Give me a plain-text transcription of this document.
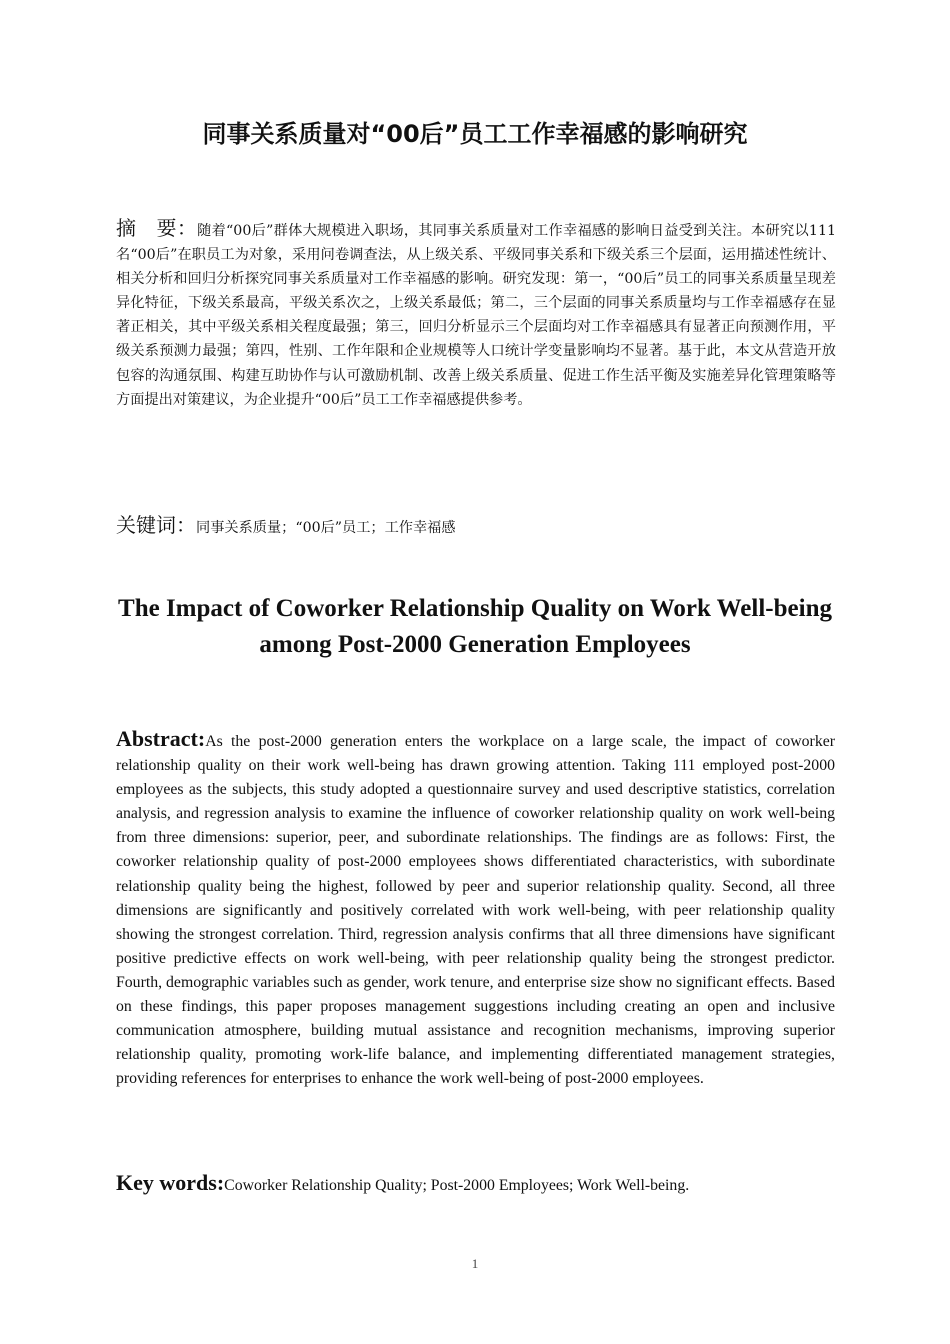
同事关系质量对“00后”员工工作幸福感的影响研究

摘　要：随着“00后”群体大规模进入职场，其同事关系质量对工作幸福感的影响日益受到关注。本研究以111名“00后”在职员工为对象，采用问卷调查法，从上级关系、平级同事关系和下级关系三个层面，运用描述性统计、相关分析和回归分析探究同事关系质量对工作幸福感的影响。研究发现：第一，“00后”员工的同事关系质量呈现差异化特征，下级关系最高，平级关系次之，上级关系最低；第二，三个层面的同事关系质量均与工作幸福感存在显著正相关，其中平级关系相关程度最强；第三，回归分析显示三个层面均对工作幸福感具有显著正向预测作用，平级关系预测力最强；第四，性别、工作年限和企业规模等人口统计学变量影响均不显著。基于此，本文从营造开放包容的沟通氛围、构建互助协作与认可激励机制、改善上级关系质量、促进工作生活平衡及实施差异化管理策略等方面提出对策建议，为企业提升“00后”员工工作幸福感提供参考。

关键词：同事关系质量；“00后”员工；工作幸福感

The Impact of Coworker Relationship Quality on Work Well-being among Post-2000 Generation Employees

Abstract:As the post-2000 generation enters the workplace on a large scale, the impact of coworker relationship quality on their work well-being has drawn growing attention. Taking 111 employed post-2000 employees as the subjects, this study adopted a questionnaire survey and used descriptive statistics, correlation analysis, and regression analysis to examine the influence of coworker relationship quality on work well-being from three dimensions: superior, peer, and subordinate relationships. The findings are as follows: First, the coworker relationship quality of post-2000 employees shows differentiated characteristics, with subordinate relationship quality being the highest, followed by peer and superior relationship quality. Second, all three dimensions are significantly and positively correlated with work well-being, with peer relationship quality showing the strongest correlation. Third, regression analysis confirms that all three dimensions have significant positive predictive effects on work well-being, with peer relationship quality being the strongest predictor. Fourth, demographic variables such as gender, work tenure, and enterprise size show no significant effects. Based on these findings, this paper proposes management suggestions including creating an open and inclusive communication atmosphere, building mutual assistance and recognition mechanisms, improving superior relationship quality, promoting work-life balance, and implementing differentiated management strategies, providing references for enterprises to enhance the work well-being of post-2000 employees.

Key words:Coworker Relationship Quality; Post-2000 Employees; Work Well-being.

1
